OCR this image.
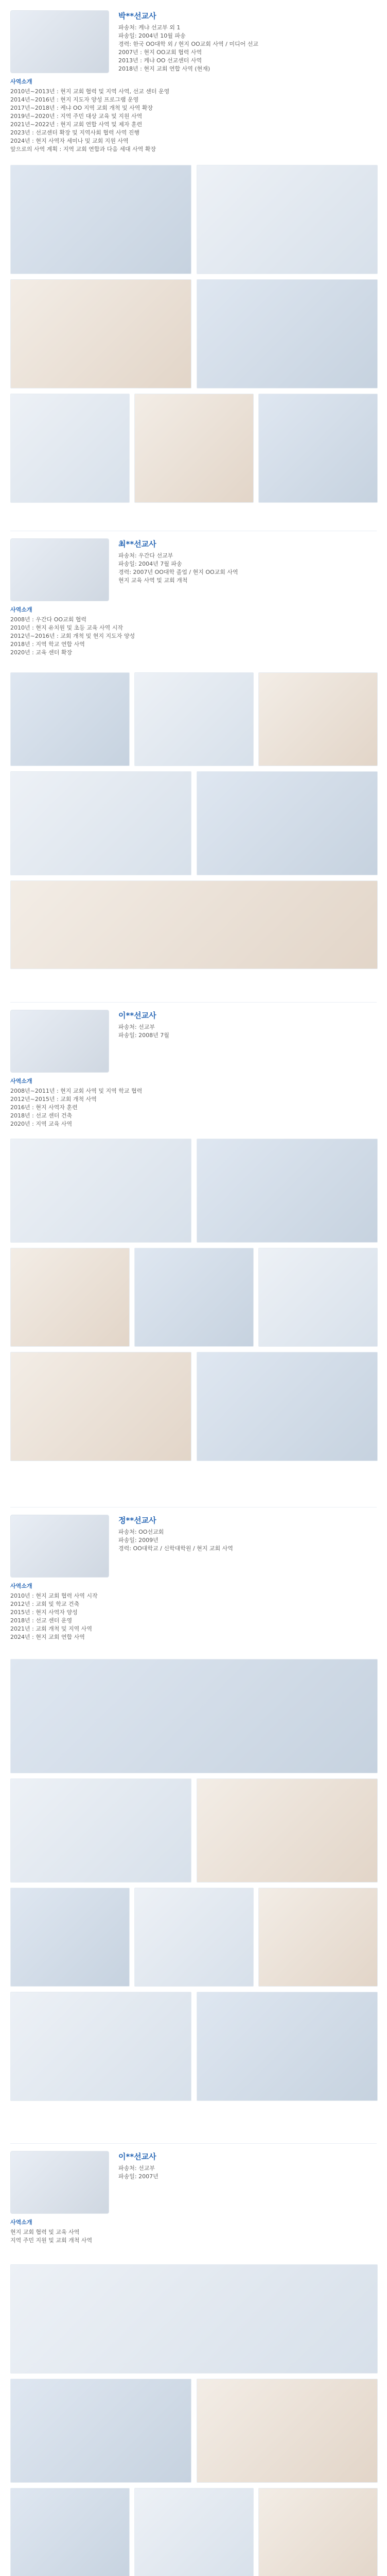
박**선교사
파송처: 케냐 선교부 외 1
파송일: 2004년 10월 파송
경력: 한국 OO대학 외 / 현지 OO교회 사역 / 미디어 선교
2007년 : 현지 OO교회 협력 사역
2013년 : 케냐 OO 선교센터 사역
2018년 : 현지 교회 연합 사역 (현재)
사역소개
2010년~2013년 : 현지 교회 협력 및 지역 사역, 선교 센터 운영
2014년~2016년 : 현지 지도자 양성 프로그램 운영
2017년~2018년 : 케냐 OO 지역 교회 개척 및 사역 확장
2019년~2020년 : 지역 주민 대상 교육 및 지원 사역
2021년~2022년 : 현지 교회 연합 사역 및 제자 훈련
2023년 : 선교센터 확장 및 지역사회 협력 사역 진행
2024년 : 현지 사역자 세미나 및 교회 지원 사역
앞으로의 사역 계획 : 지역 교회 연합과 다음 세대 사역 확장
최**선교사
파송처: 우간다 선교부
파송일: 2004년 7월 파송
경력: 2007년 OO대학 졸업 / 현지 OO교회 사역
현지 교육 사역 및 교회 개척
사역소개
2008년 : 우간다 OO교회 협력
2010년 : 현지 유치원 및 초등 교육 사역 시작
2012년~2016년 : 교회 개척 및 현지 지도자 양성
2018년 : 지역 학교 연합 사역
2020년 : 교육 센터 확장
이**선교사
파송처: 선교부
파송일: 2008년 7월
사역소개
2008년~2011년 : 현지 교회 사역 및 지역 학교 협력
2012년~2015년 : 교회 개척 사역
2016년 : 현지 사역자 훈련
2018년 : 선교 센터 건축
2020년 : 지역 교육 사역
정**선교사
파송처: OO선교회
파송일: 2009년
경력: OO대학교 / 신학대학원 / 현지 교회 사역
사역소개
2010년 : 현지 교회 협력 사역 시작
2012년 : 교회 및 학교 건축
2015년 : 현지 사역자 양성
2018년 : 선교 센터 운영
2021년 : 교회 개척 및 지역 사역
2024년 : 현지 교회 연합 사역
이**선교사
파송처: 선교부
파송일: 2007년
사역소개
현지 교회 협력 및 교육 사역
지역 주민 지원 및 교회 개척 사역
